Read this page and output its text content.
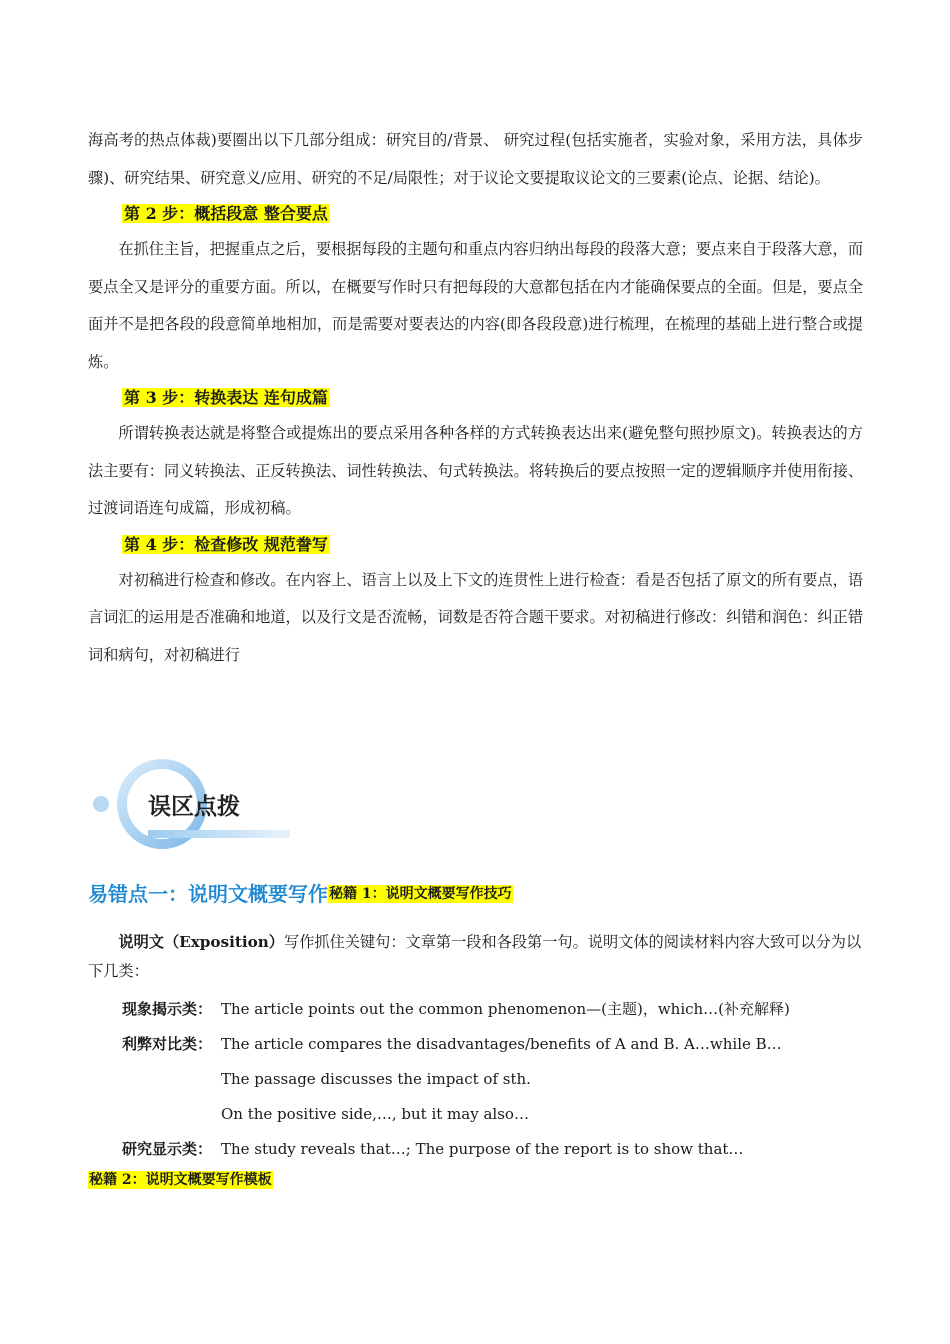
海高考的热点体裁)要圈出以下几部分组成：研究目的/背景、 研究过程(包括实施者，实验对象，采用方法，具体步骤)、研究结果、研究意义/应用、研究的不足/局限性；对于议论文要提取议论文的三要素(论点、论据、结论)。

第 2 步：概括段意 整合要点

在抓住主旨，把握重点之后，要根据每段的主题句和重点内容归纳出每段的段落大意；要点来自于段落大意，而要点全又是评分的重要方面。所以，在概要写作时只有把每段的大意都包括在内才能确保要点的全面。但是，要点全面并不是把各段的段意简单地相加，而是需要对要表达的内容(即各段段意)进行梳理，在梳理的基础上进行整合或提炼。

第 3 步：转换表达 连句成篇

所谓转换表达就是将整合或提炼出的要点采用各种各样的方式转换表达出来(避免整句照抄原文)。转换表达的方法主要有：同义转换法、正反转换法、词性转换法、句式转换法。将转换后的要点按照一定的逻辑顺序并使用衔接、过渡词语连句成篇，形成初稿。

第 4 步：检查修改 规范誊写

对初稿进行检查和修改。在内容上、语言上以及上下文的连贯性上进行检查：看是否包括了原文的所有要点，语言词汇的运用是否准确和地道，以及行文是否流畅，词数是否符合题干要求。对初稿进行修改：纠错和润色：纠正错词和病句，对初稿进行

误区点拨
易错点一：说明文概要写作秘籍 1：说明文概要写作技巧

说明文（Exposition）写作抓住关键句：文章第一段和各段第一句。说明文体的阅读材料内容大致可以分为以下几类：

现象揭示类： The article points out the common phenomenon—(主题)，which…(补充解释)
利弊对比类： The article compares the disadvantages/benefits of A and B. A…while B…
The passage discusses the impact of sth.
On the positive side,…, but it may also…
研究显示类： The study reveals that…; The purpose of the report is to show that…
秘籍 2：说明文概要写作模板
